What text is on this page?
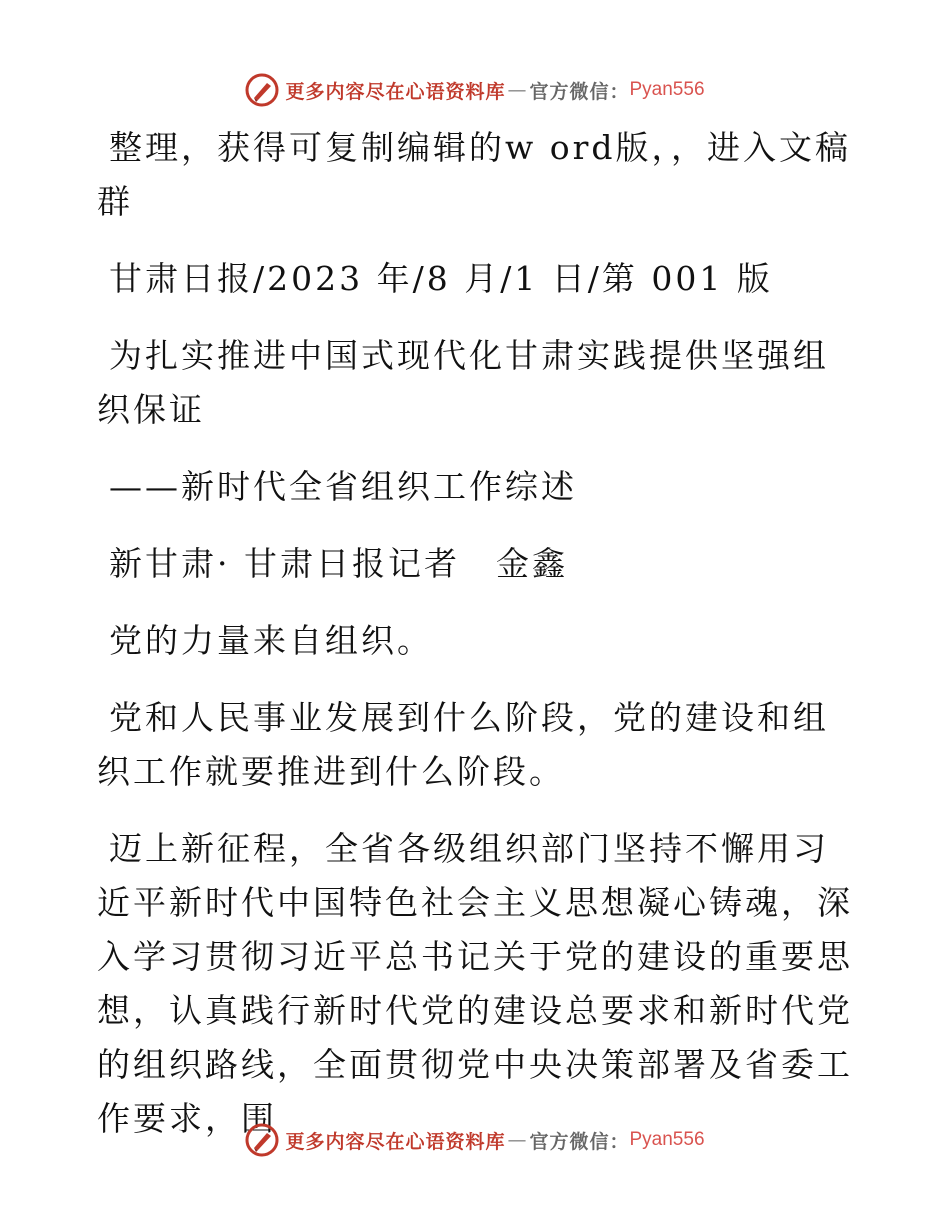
更多内容尽在心语资料库 — 官方微信： Pyan556

整理，获得可复制编辑的w ord版，，进入文稿群

甘肃日报/2023 年/8 月/1 日/第 001 版

为扎实推进中国式现代化甘肃实践提供坚强组织保证

——新时代全省组织工作综述

新甘肃· 甘肃日报记者　金鑫

党的力量来自组织。

党和人民事业发展到什么阶段，党的建设和组织工作就要推进到什么阶段。

迈上新征程，全省各级组织部门坚持不懈用习近平新时代中国特色社会主义思想凝心铸魂，深入学习贯彻习近平总书记关于党的建设的重要思想，认真践行新时代党的建设总要求和新时代党的组织路线，全面贯彻党中央决策部署及省委工作要求，围

更多内容尽在心语资料库 — 官方微信： Pyan556
